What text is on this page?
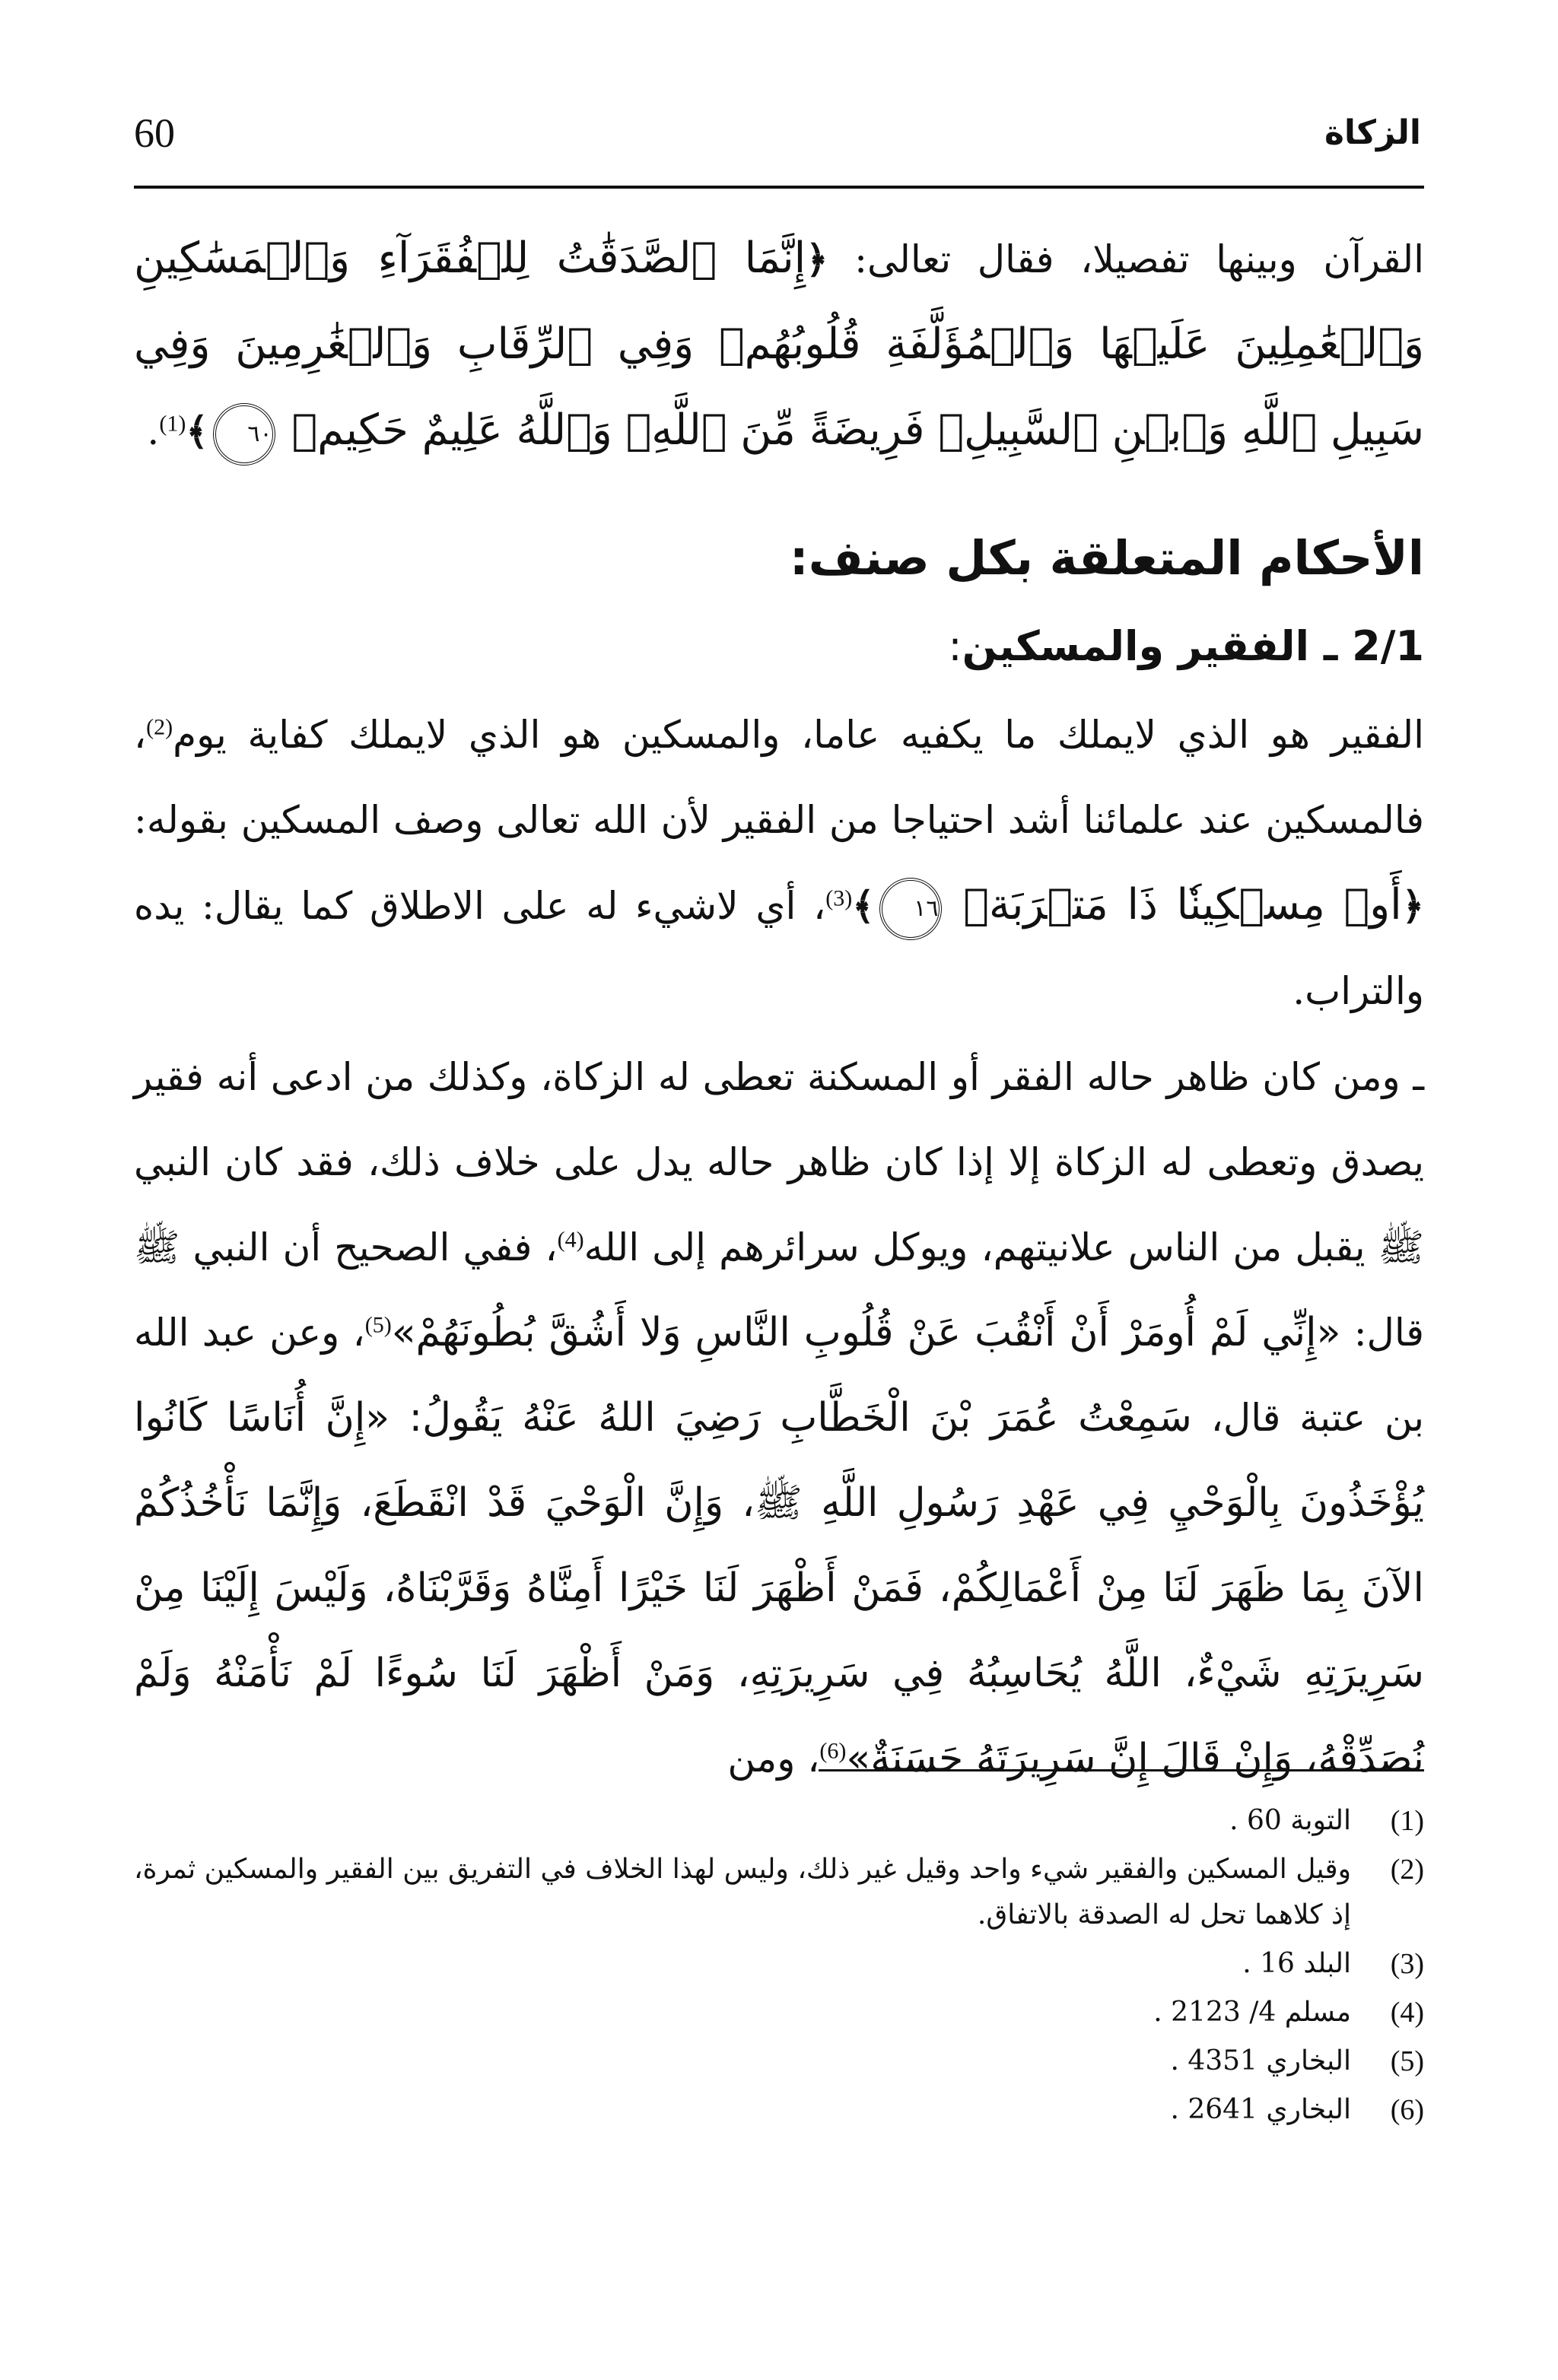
60	الزكاة

القرآن وبينها تفصيلا، فقال تعالى: ﴿إِنَّمَا ٱلصَّدَقَٰتُ لِلۡفُقَرَآءِ وَٱلۡمَسَٰكِينِ وَٱلۡعَٰمِلِينَ عَلَيۡهَا وَٱلۡمُؤَلَّفَةِ قُلُوبُهُمۡ وَفِي ٱلرِّقَابِ وَٱلۡغَٰرِمِينَ وَفِي سَبِيلِ ٱللَّهِ وَٱبۡنِ ٱلسَّبِيلِۖ فَرِيضَةً مِّنَ ٱللَّهِۗ وَٱللَّهُ عَلِيمٌ حَكِيمٞ ٦٠﴾$^{(1)}$.

الأحكام المتعلقة بكل صنف:
2/1 ـ الفقير والمسكين:

الفقير هو الذي لايملك ما يكفيه عاما، والمسكين هو الذي لايملك كفاية يوم$^{(2)}$، فالمسكين عند علمائنا أشد احتياجا من الفقير لأن الله تعالى وصف المسكين بقوله: ﴿أَوۡ مِسۡكِينٗا ذَا مَتۡرَبَةٖ ١٦﴾$^{(3)}$، أي لاشيء له على الاطلاق كما يقال: يده والتراب.

ـ ومن كان ظاهر حاله الفقر أو المسكنة تعطى له الزكاة، وكذلك من ادعى أنه فقير يصدق وتعطى له الزكاة إلا إذا كان ظاهر حاله يدل على خلاف ذلك، فقد كان النبي ﷺ يقبل من الناس علانيتهم، ويوكل سرائرهم إلى الله$^{(4)}$، ففي الصحيح أن النبي ﷺ قال: «إِنِّي لَمْ أُومَرْ أَنْ أَنْقُبَ عَنْ قُلُوبِ النَّاسِ وَلا أَشُقَّ بُطُونَهُمْ»$^{(5)}$، وعن عبد الله بن عتبة قال، سَمِعْتُ عُمَرَ بْنَ الْخَطَّابِ رَضِيَ اللهُ عَنْهُ يَقُولُ: «إِنَّ أُنَاسًا كَانُوا يُؤْخَذُونَ بِالْوَحْيِ فِي عَهْدِ رَسُولِ اللَّهِ ﷺ، وَإِنَّ الْوَحْيَ قَدْ انْقَطَعَ، وَإِنَّمَا نَأْخُذُكُمْ الآنَ بِمَا ظَهَرَ لَنَا مِنْ أَعْمَالِكُمْ، فَمَنْ أَظْهَرَ لَنَا خَيْرًا أَمِنَّاهُ وَقَرَّبْنَاهُ، وَلَيْسَ إِلَيْنَا مِنْ سَرِيرَتِهِ شَيْءٌ، اللَّهُ يُحَاسِبُهُ فِي سَرِيرَتِهِ، وَمَنْ أَظْهَرَ لَنَا سُوءًا لَمْ نَأْمَنْهُ وَلَمْ نُصَدِّقْهُ، وَإِنْ قَالَ إِنَّ سَرِيرَتَهُ حَسَنَةٌ»$^{(6)}$، ومن

(1)
التوبة 60 .
(2)
وقيل المسكين والفقير شيء واحد وقيل غير ذلك، وليس لهذا الخلاف في التفريق بين الفقير والمسكين ثمرة، إذ كلاهما تحل له الصدقة بالاتفاق.
(3)
البلد 16 .
(4)
مسلم 4/ 2123 .
(5)
البخاري 4351 .
(6)
البخاري 2641 .
